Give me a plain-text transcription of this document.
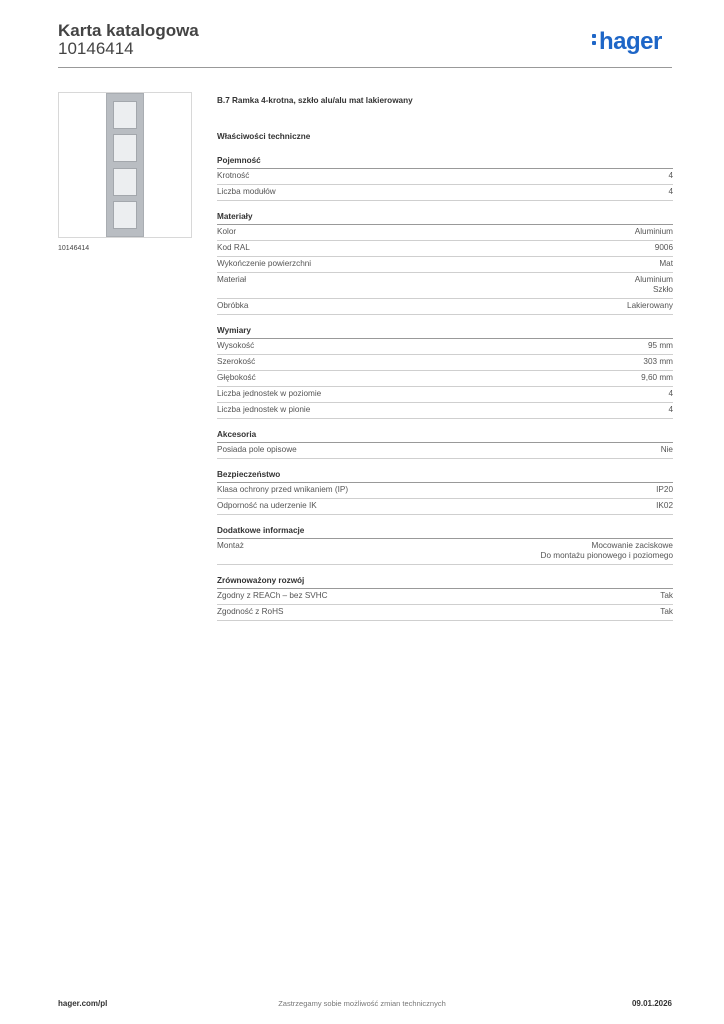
Karta katalogowa
10146414	hager
10146414
B.7 Ramka 4-krotna, szkło alu/alu mat lakierowany
Właściwości techniczne
Pojemność
Krotność	4
Liczba modułów	4
Materiały
Kolor	Aluminium
Kod RAL	9006
Wykończenie powierzchni	Mat
Materiał	Aluminium
Szkło
Obróbka	Lakierowany
Wymiary
Wysokość	95 mm
Szerokość	303 mm
Głębokość	9,60 mm
Liczba jednostek w poziomie	4
Liczba jednostek w pionie	4
Akcesoria
Posiada pole opisowe	Nie
Bezpieczeństwo
Klasa ochrony przed wnikaniem (IP)	IP20
Odporność na uderzenie IK	IK02
Dodatkowe informacje
Montaż	Mocowanie zaciskowe
Do montażu pionowego i poziomego
Zrównoważony rozwój
Zgodny z REACh – bez SVHC	Tak
Zgodność z RoHS	Tak
hager.com/pl	Zastrzegamy sobie możliwość zmian technicznych	09.01.2026
